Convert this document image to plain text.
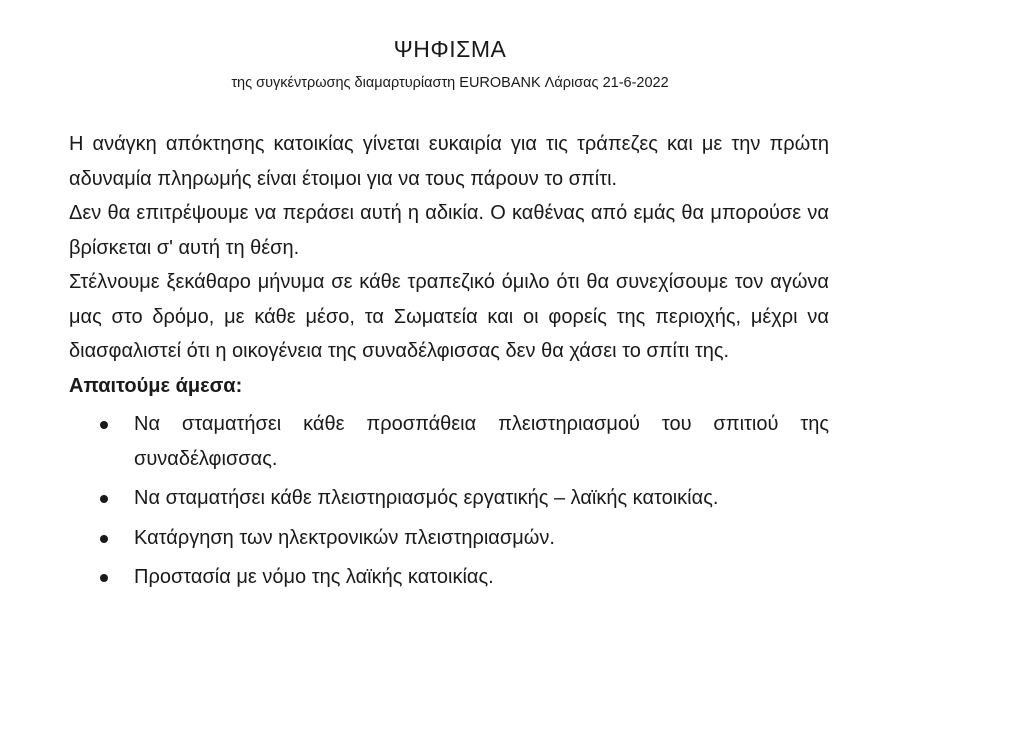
ΨΗΦΙΣΜΑ
της συγκέντρωσης διαμαρτυρίαστη EUROBANK Λάρισας 21-6-2022

Η ανάγκη απόκτησης κατοικίας γίνεται ευκαιρία για τις τράπεζες και με την πρώτη αδυναμία πληρωμής είναι έτοιμοι για να τους πάρουν το σπίτι.

Δεν θα επιτρέψουμε να περάσει αυτή η αδικία. Ο καθένας από εμάς θα μπορούσε να βρίσκεται σ' αυτή τη θέση.

Στέλνουμε ξεκάθαρο μήνυμα σε κάθε τραπεζικό όμιλο ότι θα συνεχίσουμε τον αγώνα μας στο δρόμο, με κάθε μέσο, τα Σωματεία και οι φορείς της περιοχής, μέχρι να διασφαλιστεί ότι η οικογένεια της συναδέλφισσας δεν θα χάσει το σπίτι της.

Απαιτούμε άμεσα:

Να σταματήσει κάθε προσπάθεια πλειστηριασμού του σπιτιού της συναδέλφισσας.
Να σταματήσει κάθε πλειστηριασμός εργατικής – λαϊκής κατοικίας.
Κατάργηση των ηλεκτρονικών πλειστηριασμών.
Προστασία με νόμο της λαϊκής κατοικίας.
